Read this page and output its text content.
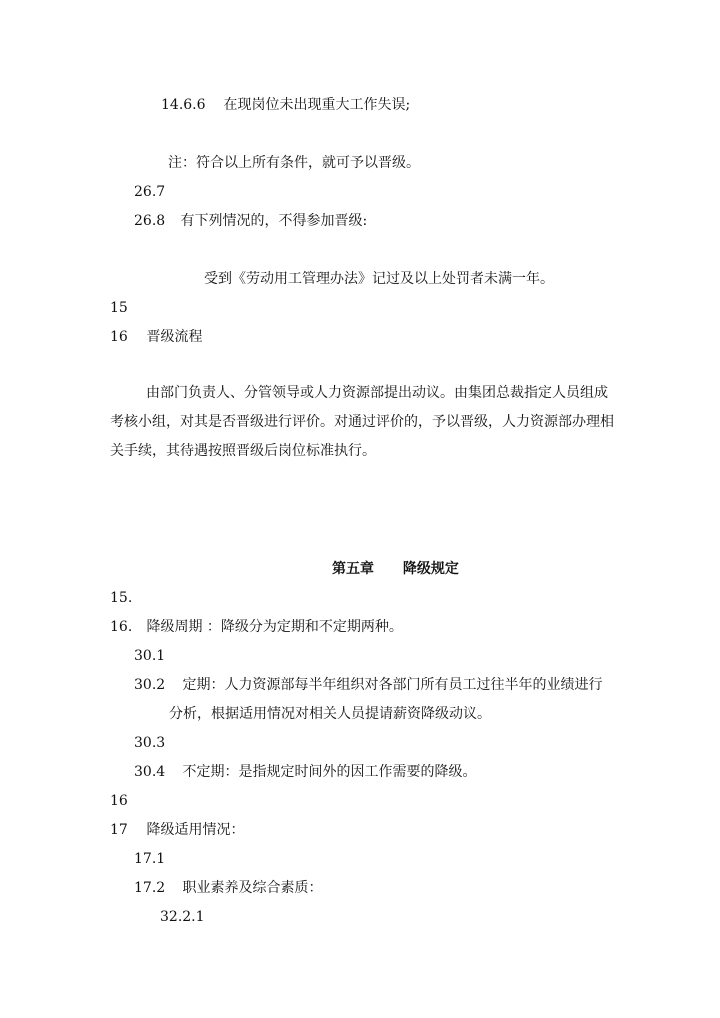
14.6.6 在现岗位未出现重大工作失误;
注：符合以上所有条件，就可予以晋级。
26.7
26.8 有下列情况的，不得参加晋级:
受到《劳动用工管理办法》记过及以上处罚者未满一年。
15
16 晋级流程
由部门负责人、分管领导或人力资源部提出动议。由集团总裁指定人员组成考核小组，对其是否晋级进行评价。对通过评价的，予以晋级，人力资源部办理相关手续，其待遇按照晋级后岗位标准执行。
第五章 降级规定
15.
16. 降级周期 ：降级分为定期和不定期两种。
30.1
30.2 定期：人力资源部每半年组织对各部门所有员工过往半年的业绩进行
分析，根据适用情况对相关人员提请薪资降级动议。
30.3
30.4 不定期：是指规定时间外的因工作需要的降级。
16
17 降级适用情况：
17.1
17.2 职业素养及综合素质：
32.2.1
